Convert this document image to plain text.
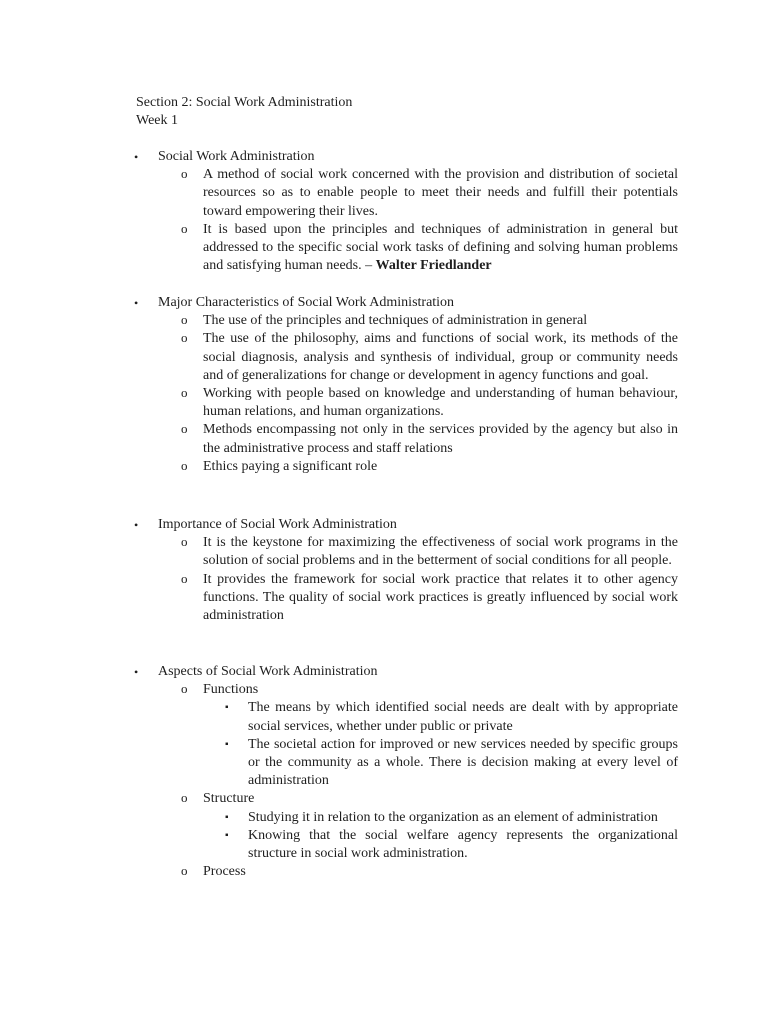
Section 2: Social Work Administration
Week 1
•	Social Work Administration
o A method of social work concerned with the provision and distribution of societal resources so as to enable people to meet their needs and fulfill their potentials toward empowering their lives.
o It is based upon the principles and techniques of administration in general but addressed to the specific social work tasks of defining and solving human problems and satisfying human needs. – Walter Friedlander
•	Major Characteristics of Social Work Administration
o The use of the principles and techniques of administration in general
o The use of the philosophy, aims and functions of social work, its methods of the social diagnosis, analysis and synthesis of individual, group or community needs and of generalizations for change or development in agency functions and goal.
o Working with people based on knowledge and understanding of human behaviour, human relations, and human organizations.
o Methods encompassing not only in the services provided by the agency but also in the administrative process and staff relations
o Ethics paying a significant role
•	Importance of Social Work Administration
o It is the keystone for maximizing the effectiveness of social work programs in the solution of social problems and in the betterment of social conditions for all people.
o It provides the framework for social work practice that relates it to other agency functions. The quality of social work practices is greatly influenced by social work administration
•	Aspects of Social Work Administration
o Functions
▪ The means by which identified social needs are dealt with by appropriate social services, whether under public or private
▪ The societal action for improved or new services needed by specific groups or the community as a whole. There is decision making at every level of administration
o Structure
▪ Studying it in relation to the organization as an element of administration
▪ Knowing that the social welfare agency represents the organizational structure in social work administration.
o Process
